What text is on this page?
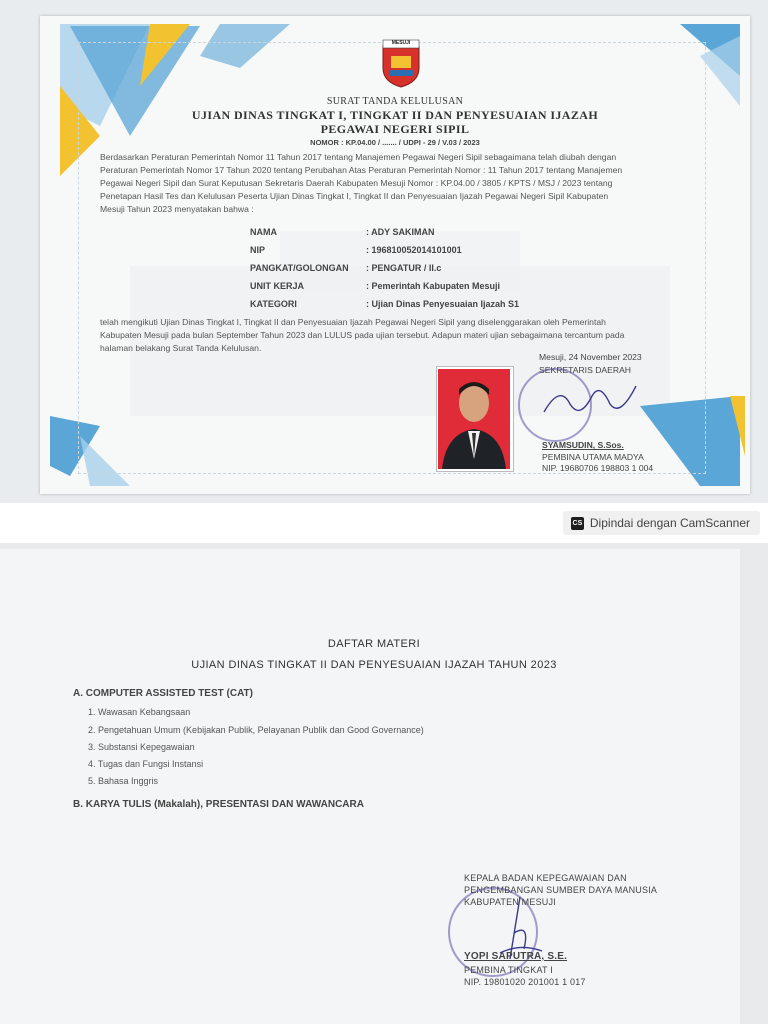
MESUJI
SURAT TANDA KELULUSAN
UJIAN DINAS TINGKAT I, TINGKAT II DAN PENYESUAIAN IJAZAH
PEGAWAI NEGERI SIPIL
NOMOR : KP.04.00 / ....... / UDPI - 29 / V.03 / 2023
Berdasarkan Peraturan Pemerintah Nomor 11 Tahun 2017 tentang Manajemen Pegawai Negeri Sipil sebagaimana telah diubah dengan
Peraturan Pemerintah Nomor 17 Tahun 2020 tentang Perubahan Atas Peraturan Pemerintah Nomor : 11 Tahun 2017 tentang Manajemen
Pegawai Negeri Sipil dan Surat Keputusan Sekretaris Daerah Kabupaten Mesuji Nomor : KP.04.00 / 3805 / KPTS / MSJ / 2023 tentang
Penetapan Hasil Tes dan Kelulusan Peserta Ujian Dinas Tingkat I, Tingkat II dan Penyesuaian Ijazah Pegawai Negeri Sipil Kabupaten
Mesuji Tahun 2023 menyatakan bahwa :
NAMA	: ADY SAKIMAN
NIP	: 196810052014101001
PANGKAT/GOLONGAN : PENGATUR / II.c
UNIT KERJA	: Pemerintah Kabupaten Mesuji
KATEGORI	: Ujian Dinas Penyesuaian Ijazah S1
telah mengikuti Ujian Dinas Tingkat I, Tingkat II dan Penyesuaian Ijazah Pegawai Negeri Sipil yang diselenggarakan oleh Pemerintah
Kabupaten Mesuji pada bulan September Tahun 2023 dan LULUS pada ujian tersebut. Adapun materi ujian sebagaimana tercantum pada
halaman belakang Surat Tanda Kelulusan.
Mesuji, 24 November 2023
SEKRETARIS DAERAH
SYAMSUDIN, S.Sos.
PEMBINA UTAMA MADYA
NIP. 19680706 198803 1 004
CS Dipindai dengan CamScanner
DAFTAR MATERI
UJIAN DINAS TINGKAT II DAN PENYESUAIAN IJAZAH TAHUN 2023
A. COMPUTER ASSISTED TEST (CAT)
1. Wawasan Kebangsaan
2. Pengetahuan Umum (Kebijakan Publik, Pelayanan Publik dan Good Governance)
3. Substansi Kepegawaian
4. Tugas dan Fungsi Instansi
5. Bahasa Inggris
B. KARYA TULIS (Makalah), PRESENTASI DAN WAWANCARA
KEPALA BADAN KEPEGAWAIAN DAN
PENGEMBANGAN SUMBER DAYA MANUSIA
KABUPATEN MESUJI
YOPI SAPUTRA, S.E.
PEMBINA TINGKAT I
NIP. 19801020 201001 1 017
